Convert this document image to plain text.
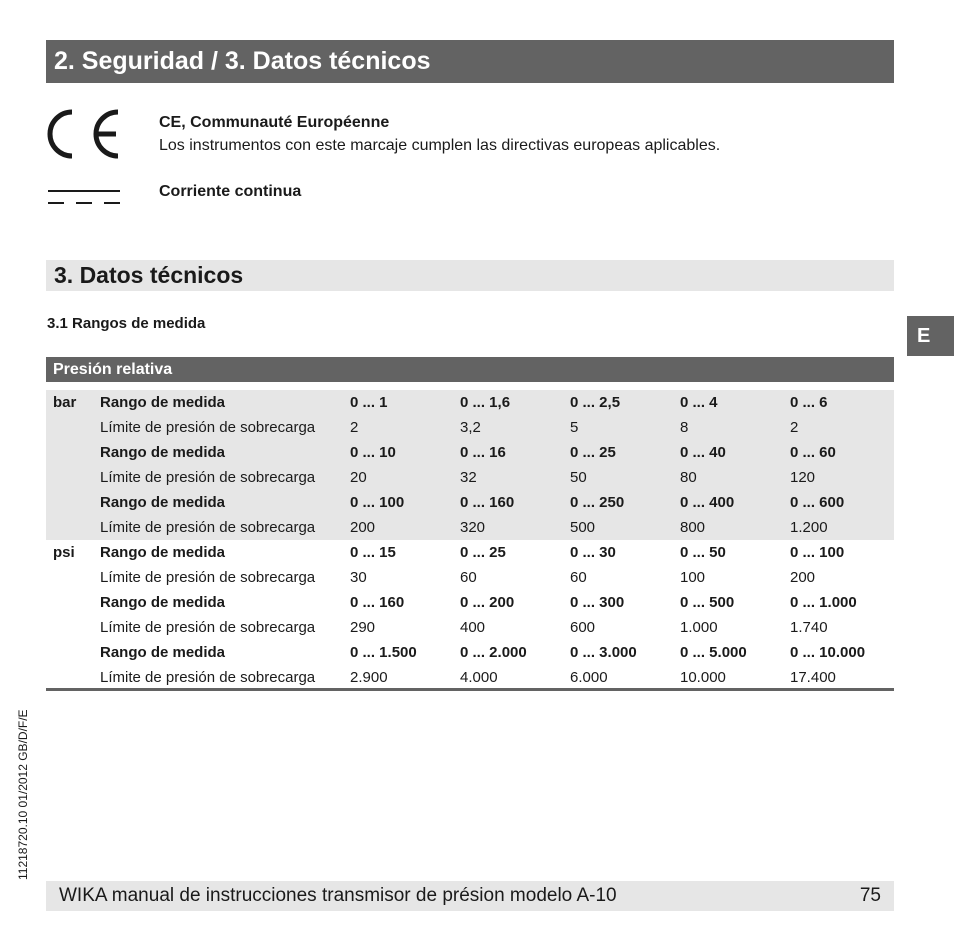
2. Seguridad / 3. Datos técnicos
CE, Communauté Européenne
Los instrumentos con este marcaje cumplen las directivas europeas aplicables.
Corriente continua
3. Datos técnicos
3.1 Rangos de medida
E
Presión relativa
bar Rango de medida	0 ... 1	0 ... 1,6	0 ... 2,5	0 ... 4	0 ... 6
Límite de presión de sobrecarga 2	3,2	5	8	2
Rango de medida	0 ... 10	0 ... 16	0 ... 25	0 ... 40	0 ... 60
Límite de presión de sobrecarga 20	32	50	80	120
Rango de medida	0 ... 100	0 ... 160	0 ... 250	0 ... 400	0 ... 600
Límite de presión de sobrecarga 200	320	500	800	1.200
psi Rango de medida	0 ... 15	0 ... 25	0 ... 30	0 ... 50	0 ... 100
Límite de presión de sobrecarga 30	60	60	100	200
Rango de medida	0 ... 160	0 ... 200	0 ... 300	0 ... 500	0 ... 1.000
Límite de presión de sobrecarga 290	400	600	1.000	1.740
Rango de medida	0 ... 1.500	0 ... 2.000	0 ... 3.000	0 ... 5.000	0 ... 10.000
Límite de presión de sobrecarga 2.900	4.000	6.000	10.000	17.400
11218720.10 01/2012 GB/D/F/E
WIKA manual de instrucciones transmisor de présion modelo A-10	75
